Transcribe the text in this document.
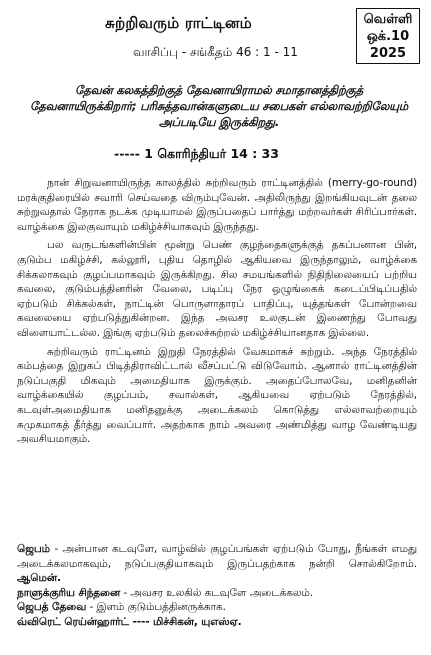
சுற்றிவரும் ராட்டினம்	வெள்ளி
ஒக்.10
2025
வாசிப்பு - சங்கீதம் 46 : 1 - 11
தேவன் கலகத்திற்குத் தேவனாயிராமல் சமாதானத்திற்குத் தேவனாயிருக்கிறார்; பரிசுத்தவான்களுடைய சபைகள் எல்லாவற்றிலேயும் அப்படியே இருக்கிறது.
----- 1 கொரிந்தியர் 14 : 33

நான் சிறுவனாயிருந்த காலத்தில் சுற்றிவரும் ராட்டினத்தில் (merry-go-round) மரக்குதிரையில் சவாரி செய்வதை விரும்புவேன். அதிலிருந்து இறங்கியவுடன் தலை சுற்றுவதால் நேராக நடக்க முடியாமல் இருப்பதைப் பார்த்து மற்றவர்கள் சிரிப்பார்கள். வாழ்க்கை இலகுவாயும் மகிழ்ச்சியாகவும் இருந்தது.

பல வருடங்களின்பின் மூன்று பெண் குழந்தைகளுக்குத் தகப்பனான பின், குடும்ப மகிழ்ச்சி, கல்லூரி, புதிய தொழில் ஆகியவை இருந்தாலும், வாழ்க்கை சிக்கலாகவும் குழப்பமாகவும் இருக்கிறது. சில சமயங்களில் நிதிநிலையைப் பற்றிய கவலை, குடும்பத்தினரின் வேலை, படிப்பு நேர ஒழுங்கைக் கடைப்பிடிப்பதில் ஏற்படும் சிக்கல்கள், நாட்டின் பொருளாதாரப் பாதிப்பு, யுத்தங்கள் போன்றவை கவலையை ஏற்படுத்துகின்றன. இந்த அவசர உலகுடன் இணைந்து போவது விளையாட்டல்ல. இங்கு ஏற்படும் தலைச்சுற்றல் மகிழ்ச்சியானதாக இல்லை.

சுற்றிவரும் ராட்டினம் இறுதி நேரத்தில் வேகமாகச் சுற்றும். அந்த நேரத்தில் கம்பத்தை இறுகப் பிடித்திராவிட்டால் வீசப்பட்டு விடுவோம். ஆனால் ராட்டினத்தின் நடுப்பகுதி மிகவும் அமைதியாக இருக்கும். அதைப்போலவே, மனிதனின் வாழ்க்கையில் குழப்பம், சவால்கள், ஆகியவை ஏற்படும் நேரத்தில், கடவுள்அமைதியாக மனிதனுக்கு அடைக்கலம் கொடுத்து எல்லாவற்றையும் சுமுகமாகத் தீர்த்து வைப்பார். அதற்காக நாம் அவரை அண்மித்து வாழ வேண்டியது அவசியமாகும்.

ஜெபம் - அன்பான கடவுளே, வாழ்வில் குழப்பங்கள் ஏற்படும் போது, நீங்கள் எமது அடைக்கலமாகவும், நடுப்பகுதியாகவும் இருப்பதற்காக நன்றி சொல்கிறோம். ஆமென்.
நாளுக்குரிய சிந்தனை - அவசர உலகில் கடவுளே அடைக்கலம்.
ஜெபத் தேவை - இளம் குடும்பத்தினருக்காக.
வ்விரெட் ரெய்ன்ஹார்ட் ---- மிச்சிகன், யுஎஸ்ஏ.
